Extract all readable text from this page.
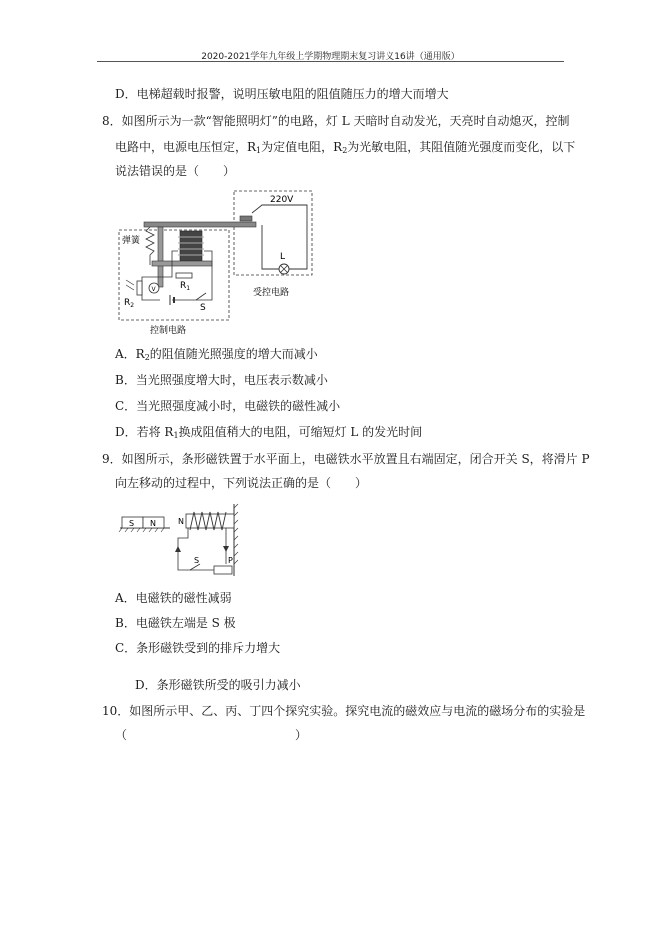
2020-2021学年九年级上学期物理期末复习讲义16讲（通用版）
D．电梯超载时报警，说明压敏电阻的阻值随压力的增大而增大
8．如图所示为一款“智能照明灯”的电路，灯 L 天暗时自动发光，天亮时自动熄灭，控制
电路中，电源电压恒定，$R_1$为定值电阻，$R_2$为光敏电阻，其阻值随光强度而变化，以下
说法错误的是（　　）
220V
L
弹簧
$R_1$
V
$R_2$	S
受控电路
控制电路
A．$R_2$的阻值随光照强度的增大而减小
B．当光照强度增大时，电压表示数减小
C．当光照强度减小时，电磁铁的磁性减小
D．若将 $R_1$换成阻值稍大的电阻，可缩短灯 L 的发光时间
9．如图所示，条形磁铁置于水平面上，电磁铁水平放置且右端固定，闭合开关 S，将滑片 P
向左移动的过程中，下列说法正确的是（　　）
S N	N
S	P
A．电磁铁的磁性减弱
B．电磁铁左端是 S 极
C．条形磁铁受到的排斥力增大
D．条形磁铁所受的吸引力减小
10．如图所示甲、乙、丙、丁四个探究实验。探究电流的磁效应与电流的磁场分布的实验是
（　　　　　　　　　　　　　　）
